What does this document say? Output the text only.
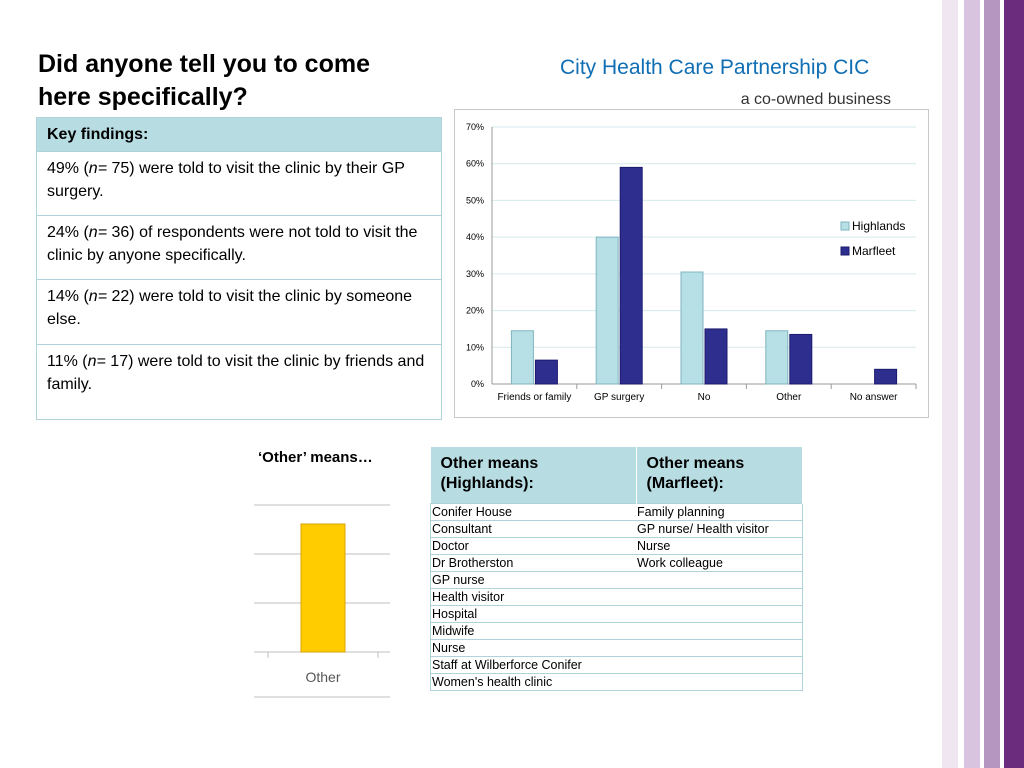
Did anyone tell you to come here specifically?
City Health Care Partnership CIC
a co-owned business
Key findings:
49% (n= 75) were told to visit the clinic by their GP surgery.
24% (n= 36) of respondents were not told to visit the clinic by anyone specifically.
14% (n= 22) were told to visit the clinic by someone else.
11% (n= 17) were told to visit the clinic by friends and family.	0%
10%
20%
30%
40%
50%
60%
70%
Friends or family GP surgery	No	Other	No answer
Highlands
Marfleet
‘Other’ means…
Other
Other means (Highlands):	Other means (Marfleet):
Conifer House	Family planning
Consultant	GP nurse/ Health visitor
Doctor	Nurse
Dr Brotherston	Work colleague
GP nurse	
Health visitor	
Hospital	
Midwife	
Nurse	
Staff at Wilberforce Conifer	
Women's health clinic	
